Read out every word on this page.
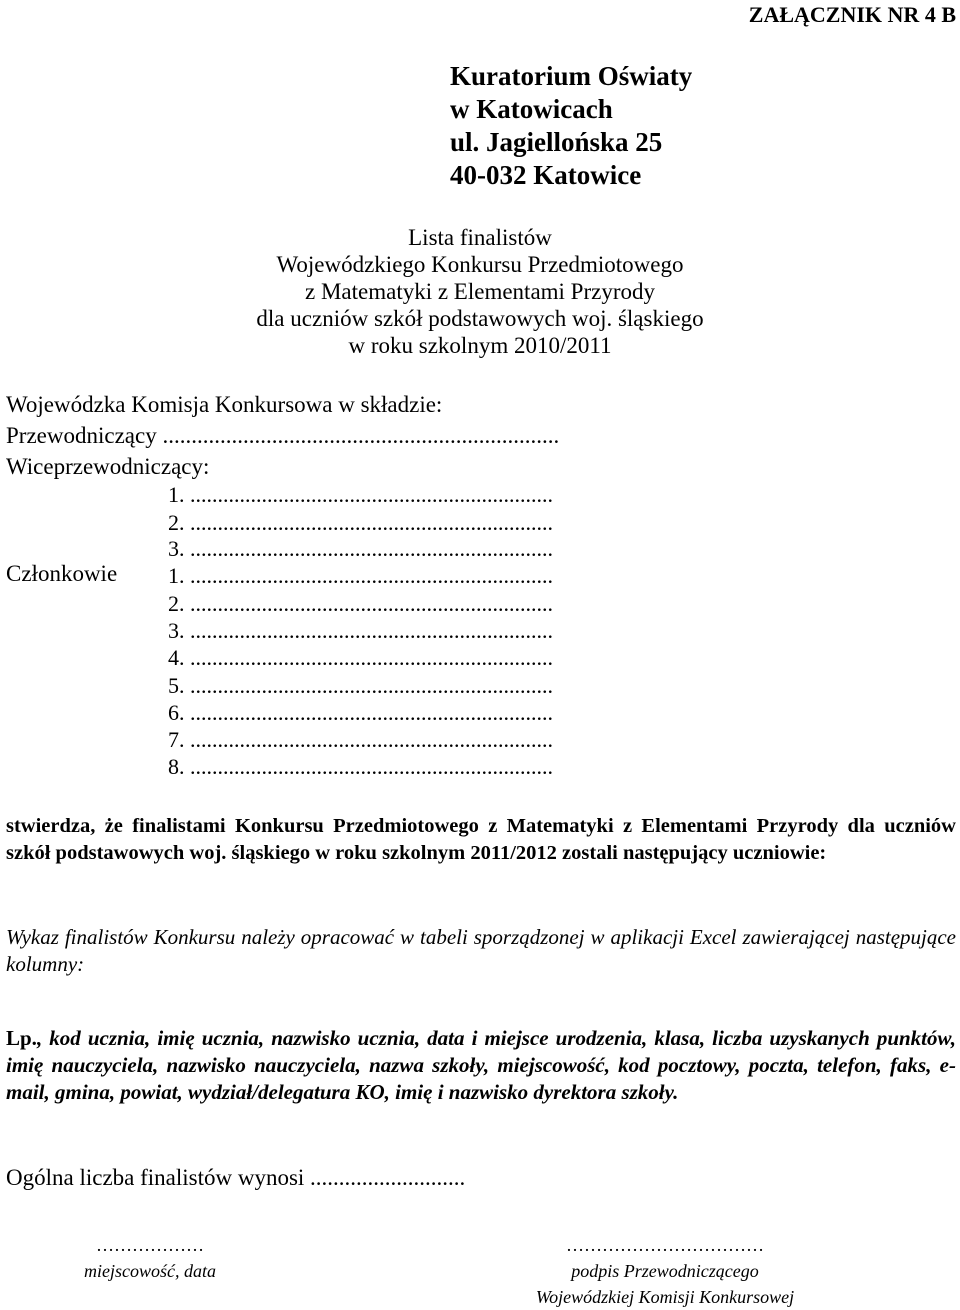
ZAŁĄCZNIK NR 4 B
Kuratorium Oświaty
w Katowicach
ul. Jagiellońska 25
40-032 Katowice
Lista finalistów
Wojewódzkiego Konkursu Przedmiotowego
z Matematyki z Elementami Przyrody
dla uczniów szkół podstawowych woj. śląskiego
w roku szkolnym 2010/2011
Wojewódzka Komisja Konkursowa w składzie:
Przewodniczący .....................................................................
Wiceprzewodniczący:
1. ..................................................................
2. ..................................................................
3. ..................................................................
Członkowie 1. ..................................................................
2. ..................................................................
3. ..................................................................
4. ..................................................................
5. ..................................................................
6. ..................................................................
7. ..................................................................
8. ..................................................................
stwierdza, że finalistami Konkursu Przedmiotowego z Matematyki z Elementami Przyrody dla uczniów szkół podstawowych woj. śląskiego w roku szkolnym 2011/2012 zostali następujący uczniowie:
Wykaz finalistów Konkursu należy opracować w tabeli sporządzonej w aplikacji Excel zawierającej następujące kolumny:
Lp., kod ucznia, imię ucznia, nazwisko ucznia, data i miejsce urodzenia, klasa, liczba uzyskanych punktów, imię nauczyciela, nazwisko nauczyciela, nazwa szkoły, miejscowość, kod pocztowy, poczta, telefon, faks, e-mail, gmina, powiat, wydział/delegatura KO, imię i nazwisko dyrektora szkoły.
Ogólna liczba finalistów wynosi ...........................
………………
miejscowość, data
……………………………
podpis Przewodniczącego
Wojewódzkiej Komisji Konkursowej
